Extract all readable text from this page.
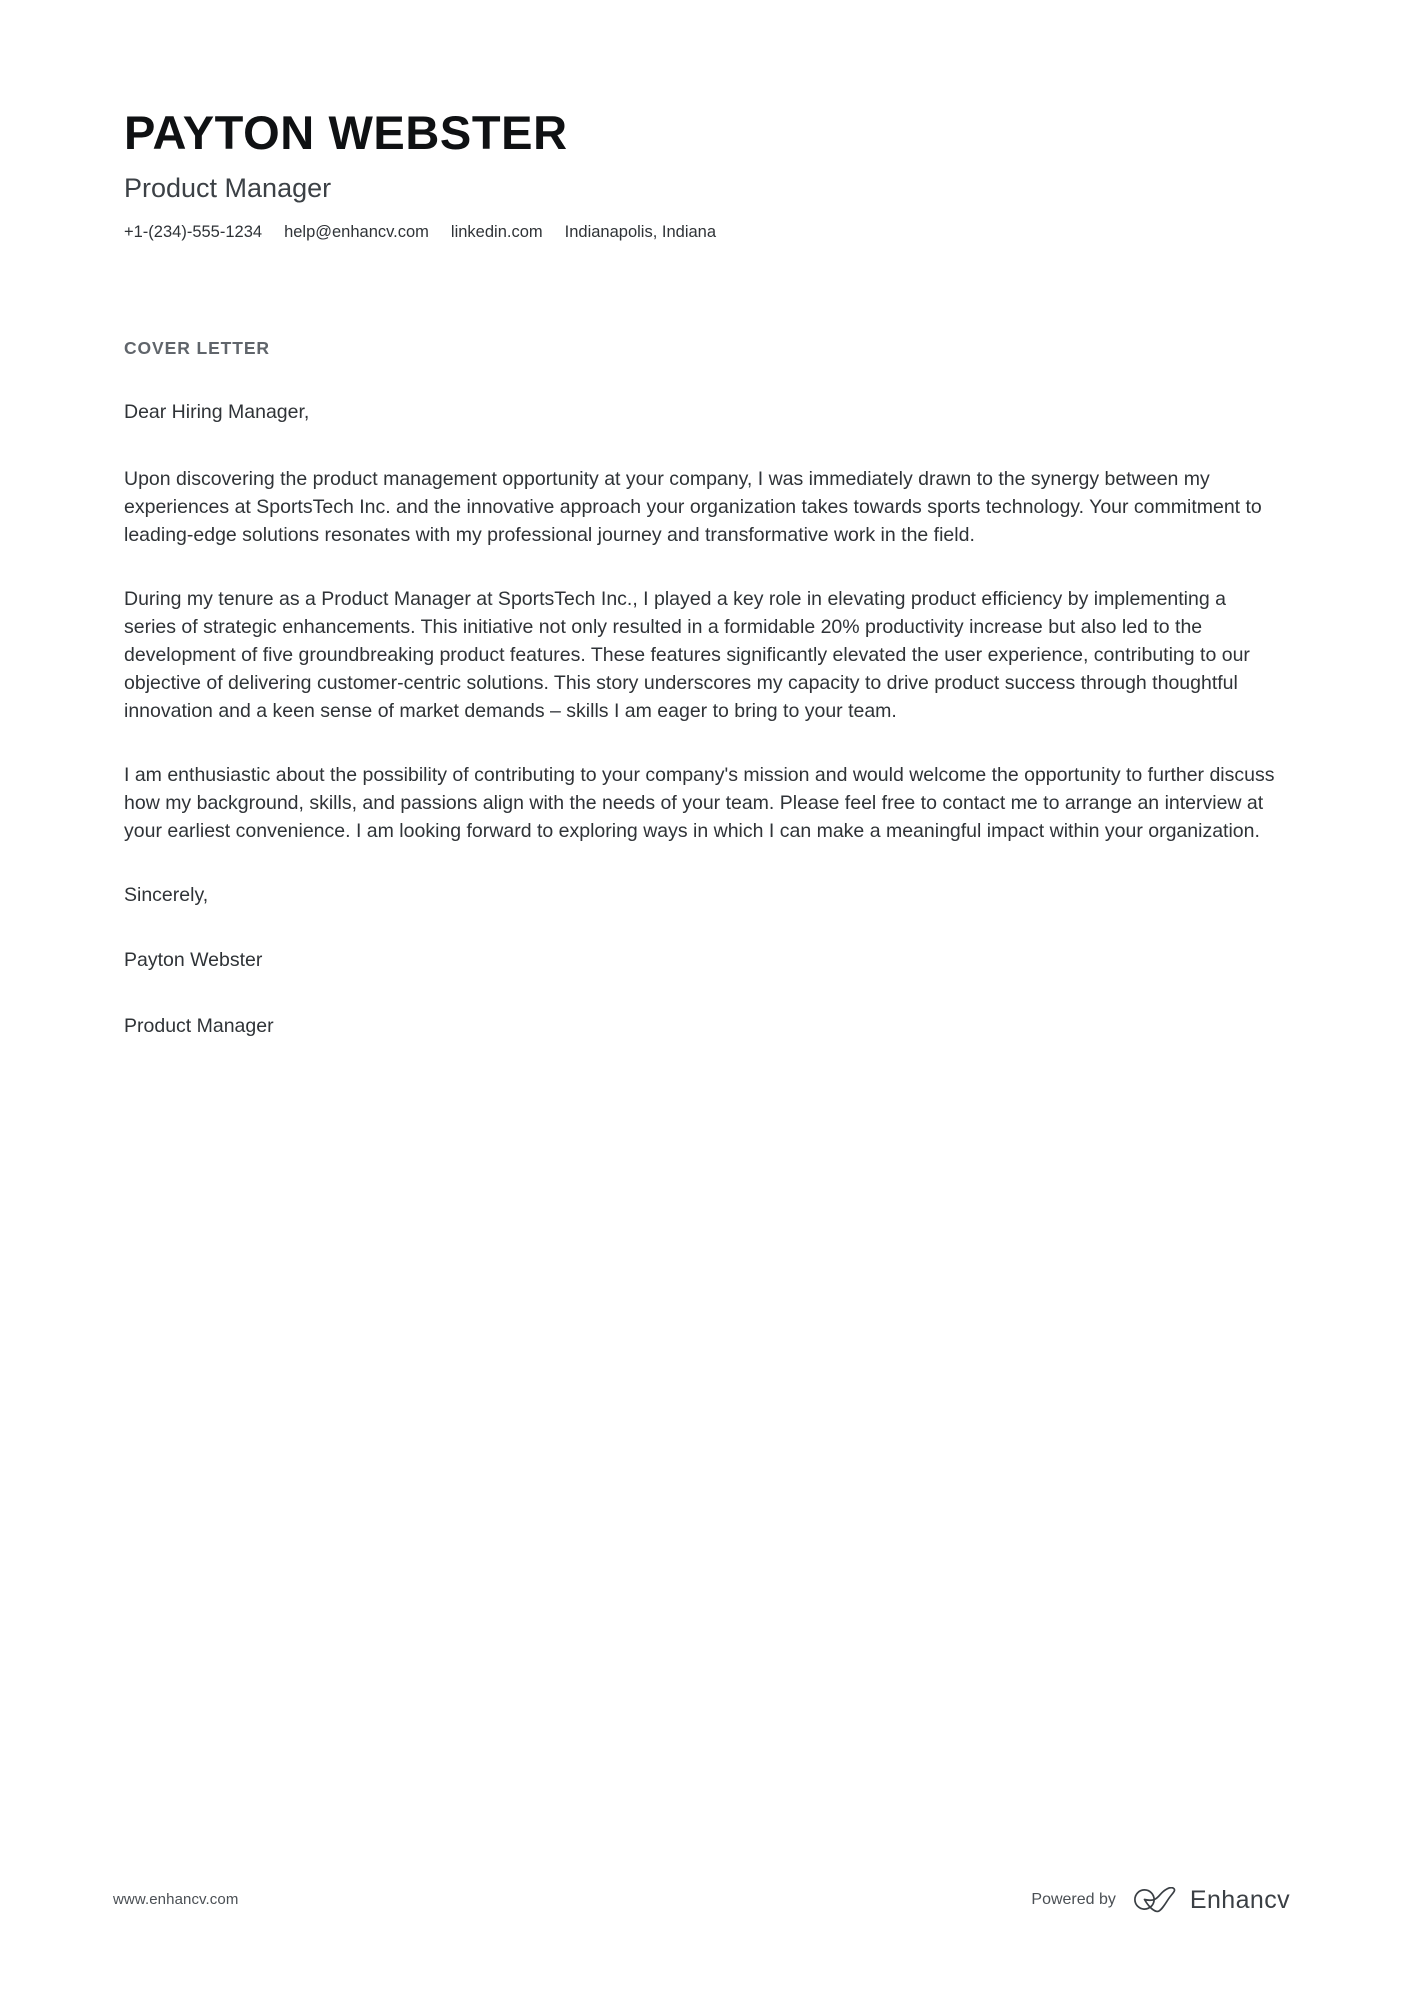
PAYTON WEBSTER
Product Manager
+1-(234)-555-1234 help@enhancv.com linkedin.com Indianapolis, Indiana
COVER LETTER

Dear Hiring Manager,

Upon discovering the product management opportunity at your company, I was immediately drawn to the synergy between my experiences at SportsTech Inc. and the innovative approach your organization takes towards sports technology. Your commitment to leading-edge solutions resonates with my professional journey and transformative work in the field.

During my tenure as a Product Manager at SportsTech Inc., I played a key role in elevating product efficiency by implementing a series of strategic enhancements. This initiative not only resulted in a formidable 20% productivity increase but also led to the development of five groundbreaking product features. These features significantly elevated the user experience, contributing to our objective of delivering customer-centric solutions. This story underscores my capacity to drive product success through thoughtful innovation and a keen sense of market demands – skills I am eager to bring to your team.

I am enthusiastic about the possibility of contributing to your company's mission and would welcome the opportunity to further discuss how my background, skills, and passions align with the needs of your team. Please feel free to contact me to arrange an interview at your earliest convenience. I am looking forward to exploring ways in which I can make a meaningful impact within your organization.

Sincerely,

Payton Webster

Product Manager

www.enhancv.com	Powered by	Enhancv
